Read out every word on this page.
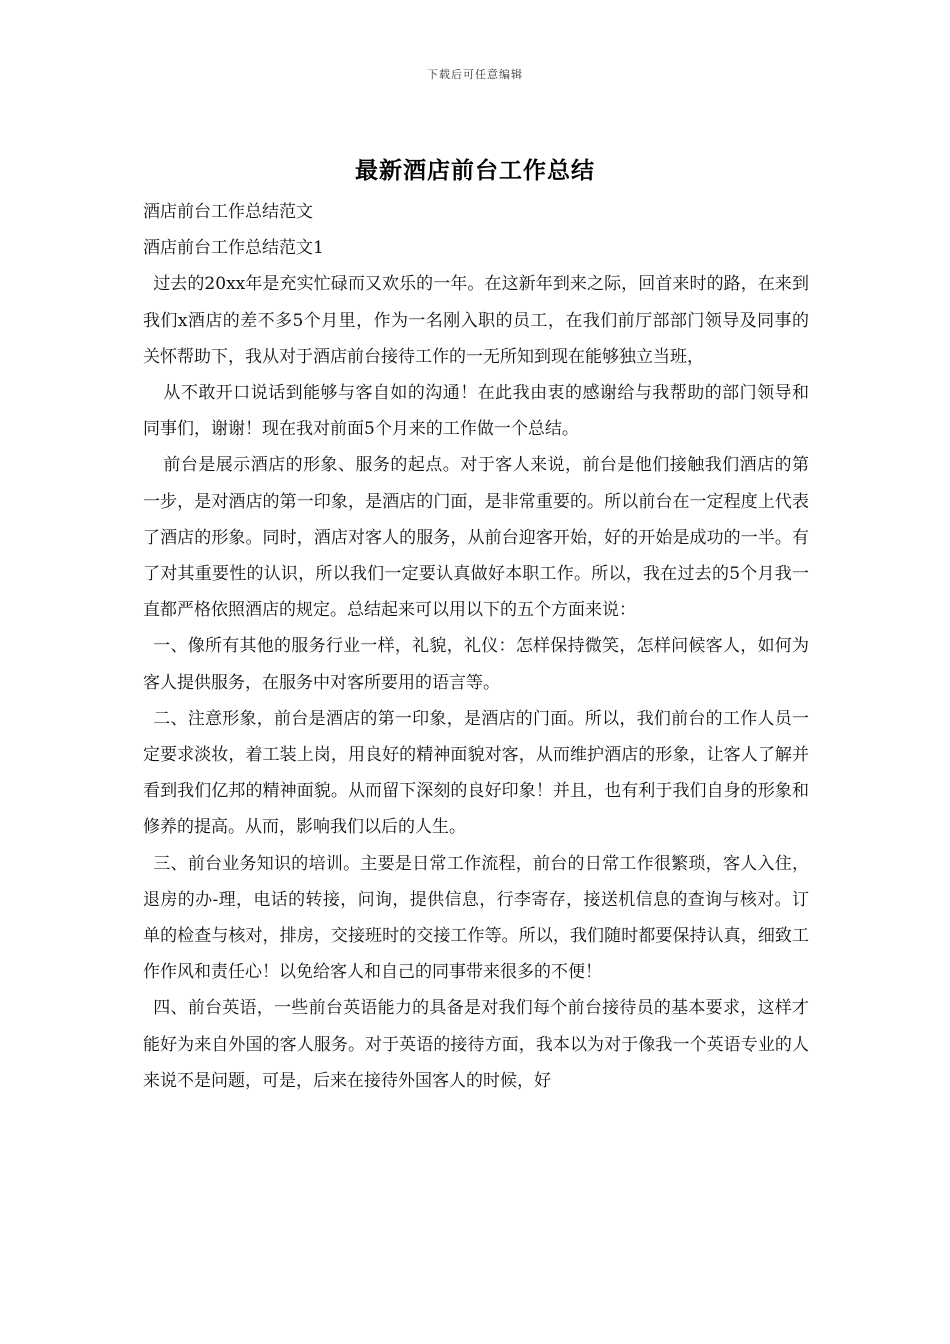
下载后可任意编辑
最新酒店前台工作总结

酒店前台工作总结范文

酒店前台工作总结范文1

过去的20xx年是充实忙碌而又欢乐的一年。在这新年到来之际，回首来时的路，在来到我们x酒店的差不多5个月里，作为一名刚入职的员工，在我们前厅部部门领导及同事的关怀帮助下，我从对于酒店前台接待工作的一无所知到现在能够独立当班，

从不敢开口说话到能够与客自如的沟通！在此我由衷的感谢给与我帮助的部门领导和同事们，谢谢！现在我对前面5个月来的工作做一个总结。

前台是展示酒店的形象、服务的起点。对于客人来说，前台是他们接触我们酒店的第一步，是对酒店的第一印象，是酒店的门面，是非常重要的。所以前台在一定程度上代表了酒店的形象。同时，酒店对客人的服务，从前台迎客开始，好的开始是成功的一半。有了对其重要性的认识，所以我们一定要认真做好本职工作。所以，我在过去的5个月我一直都严格依照酒店的规定。总结起来可以用以下的五个方面来说：

一、像所有其他的服务行业一样，礼貌，礼仪：怎样保持微笑，怎样问候客人，如何为客人提供服务，在服务中对客所要用的语言等。

二、注意形象，前台是酒店的第一印象，是酒店的门面。所以，我们前台的工作人员一定要求淡妆，着工装上岗，用良好的精神面貌对客，从而维护酒店的形象，让客人了解并看到我们亿邦的精神面貌。从而留下深刻的良好印象！并且，也有利于我们自身的形象和修养的提高。从而，影响我们以后的人生。

三、前台业务知识的培训。主要是日常工作流程，前台的日常工作很繁琐，客人入住，退房的办-理，电话的转接，问询，提供信息，行李寄存，接送机信息的查询与核对。订单的检查与核对，排房，交接班时的交接工作等。所以，我们随时都要保持认真，细致工作作风和责任心！以免给客人和自己的同事带来很多的不便！

四、前台英语，一些前台英语能力的具备是对我们每个前台接待员的基本要求，这样才能好为来自外国的客人服务。对于英语的接待方面，我本以为对于像我一个英语专业的人来说不是问题，可是，后来在接待外国客人的时候，好
